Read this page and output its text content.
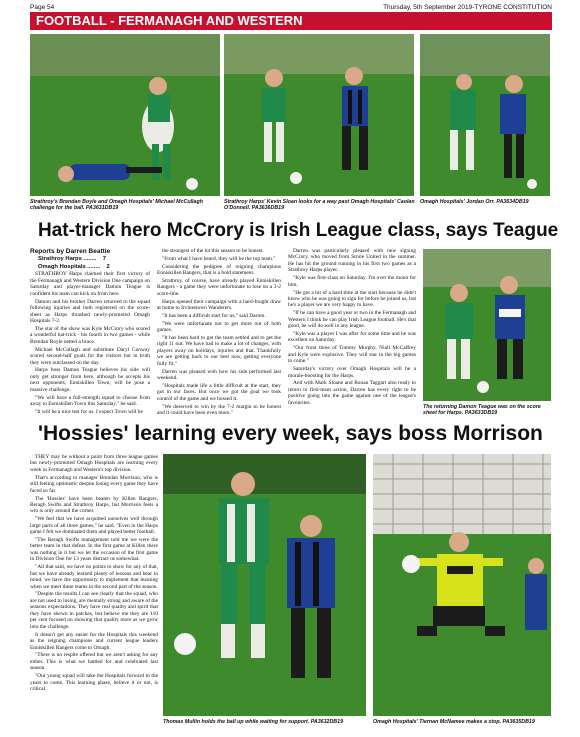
Page 54	Thursday, 5th September 2019-TYRONE CONSTITUTION
FOOTBALL - FERMANAGH AND WESTERN
Strathroy's Brendan Boyle and Omagh Hospitals' Michael McCullagh challenge for the ball. PA3631DB19
Strathroy Harps' Kevin Sloan looks for a way past Omagh Hospitals' Caolan O'Donnell. PA3636DB19
Omagh Hospitals' Jordan Orr. PA3634DB19
Hat-trick hero McCrory is Irish League class, says Teague
Reports by Darren Beattie
Strathroy Harps ........ 7
Omagh Hospitals ........ 2

STRATHROY Harps claimed their first victory of the Fermanagh and Western Division One campaign on Saturday and player-manager Damon Teague is confident his team can kick on from here.

Damon and his brother Darren returned to the squad following injuries and both registered on the score-sheet as Harps thrashed newly-promoted Omagh Hospitals 7-2.

The star of the show was Kyle McCrory who scored a wonderful hat-trick - his fourth in two games - while Brendan Boyle netted a brace.

Michael McCullagh and substitute Daryl Conway scored second-half goals for the visitors but in truth they were outclassed on the day.

Harps boss Damon Teague believes his side will only get stronger from here, although he accepts his next opponents, Enniskillen Town, will be pose a massive challenge.

"We will have a full-strength squad to choose from away to Enniskillen Town this Saturday," he said.

"It will be a nice test for us. I expect Town will be

the strongest of the lot this season to be honest.

"From what I have heard, they will be the top team."

Considering the pedigree of reigning champions Enniskillen Rangers, that is a bold statement.

Strathroy, of course, have already played Enniskillen Rangers - a game they were unfortunate to lose on a 3-2 score-line.

Harps opened their campaign with a hard-fought draw at home to Irvinestown Wanderers.

"It has been a difficult start for us," said Darren.

"We were unfortunate not to get more out of both games.

"It has been hard to get the team settled and to get the right 11 out. We have had to make a lot of changes, with players away on holidays, injuries and that. Thankfully we are getting back to our best now, getting everyone fully fit."

Darren was pleased with how his side performed last weekend.

"Hospitals made life a little difficult at the start, they got in our faces. But once we got the goal we took control of the game and we bossed it.

"We deserved to win by the 7-2 margin to be honest and it could have been even more."

Darren was particularly pleased with new signing McCrory, who moved from Strule United in the summer. He has hit the ground running in his first two games as a Strathroy Harps player.

"Kyle was first-class on Saturday. I'm over the moon for him.

"He got a bit of a hard time at the start because he didn't know who he was going to sign for before he joined us, but he's a player we are very happy to have.

"If he can have a good year or two in the Fermanagh and Western I think he can play Irish League football. He's that good, he will do well in any league.

"Kyle was a player I was after for some time and he was excellent on Saturday.

"Our front three of Tommy Murphy, Niall McCaffrey and Kyle were explosive. They will star in the big games to come."

Saturday's victory over Omagh Hospitals will be a morale-boosting for the Harps.

And with Mark Sloane and Ronan Taggart also ready to return to first-team action, Darren has every right to be positive going into the game against one of the league's favourites.

The returning Damon Teague was on the score sheet for Harps. PA3633DB19
'Hossies' learning every week, says boss Morrison

THEY may be without a point from three league games but newly-promoted Omagh Hospitals are learning every week in Fermanagh and Western's top division.

That's according to manager Brendan Morrison, who is still feeling optimistic despite losing every game they have faced so far.

The 'Hossies' have been beaten by Killen Rangers, Beragh Swifts and Strathroy Harps, but Morrison feels a win is only around the corner.

"We feel that we have acquitted ourselves well through large parts of all three games," he said. "Even in the Harps game I felt we dominated them and played better football.

"The Beragh Swifts management told me we were the better team in that defeat. In the first game at Killen there was nothing in it but we let the occasion of the first game in Division One for 13 years distract us somewhat.

"All that said, we have no points to show for any of that, but we have already learned plenty of lessons and bear in mind, we have the opportunity to implement that learning when we meet these teams in the second part of the season.

"Despite the results I can see clearly that the squad, who are not used to losing, are mentally strong and aware of the seasons expectations. They have real quality and spirit that they have shown in patches, but believe me they are 110 per cent focused on showing that quality more as we grow into the challenge.

It doesn't get any easier for the Hospitals this weekend as the reigning champions and current league leaders Enniskillen Rangers come to Omagh.

"There is no respite offered but we aren't asking for any either. This is what we battled for and celebrated last season.

"Our young squad will take the Hospitals forward in the years to come. This learning phase, believe it or not, is critical.

Thomas Mullin holds the ball up while waiting for support. PA3632DB19	Omagh Hospitals' Tiernan McNamee makes a stop. PA3635DB19
